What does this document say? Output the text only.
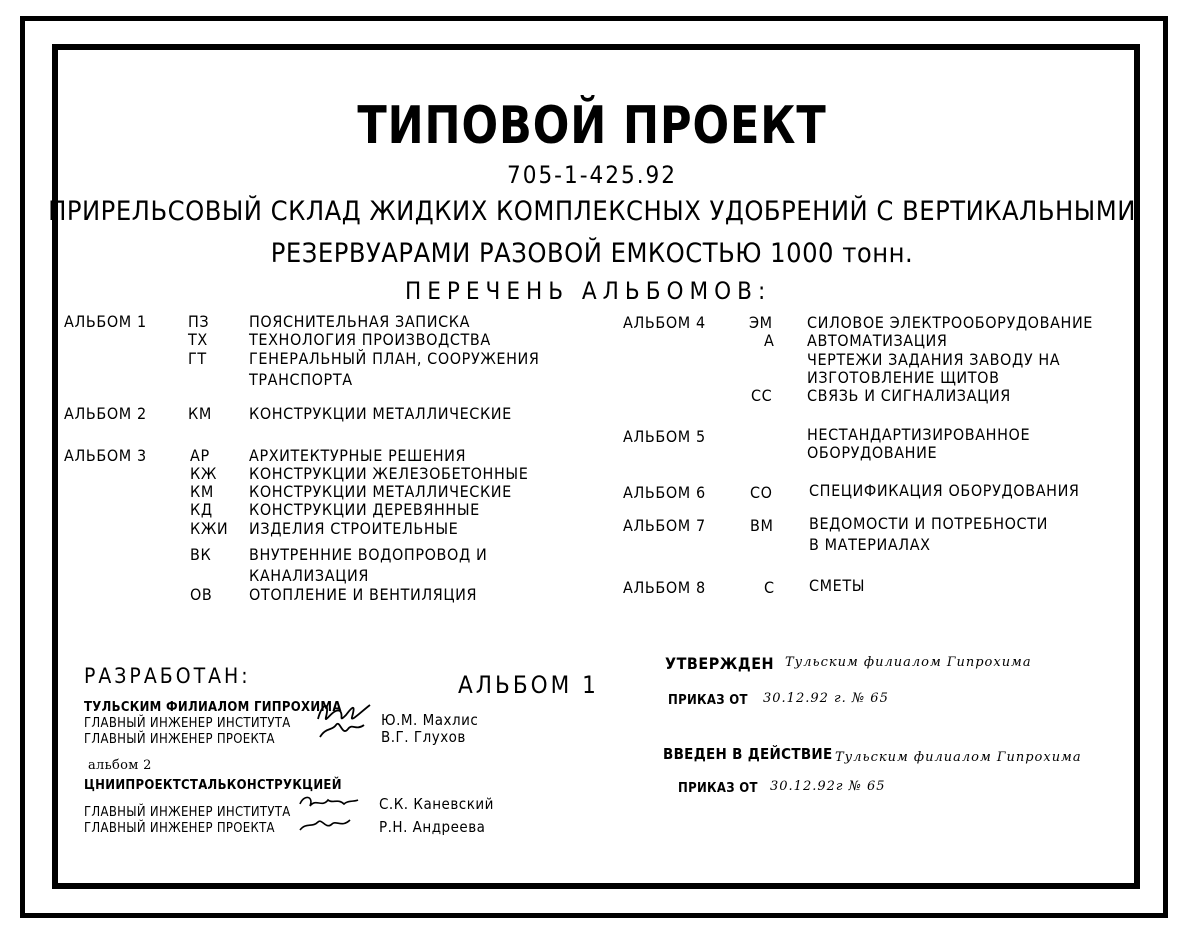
ТИПОВОЙ ПРОЕКТ
705-1-425.92
ПРИРЕЛЬСОВЫЙ СКЛАД ЖИДКИХ КОМПЛЕКСНЫХ УДОБРЕНИЙ С ВЕРТИКАЛЬНЫМИ
РЕЗЕРВУАРАМИ РАЗОВОЙ ЕМКОСТЬЮ 1000 тонн.
ПЕРЕЧЕНЬ АЛЬБОМОВ:
АЛЬБОМ 1	ПЗ ПОЯСНИТЕЛЬНАЯ ЗАПИСКА
ТХ	ТЕХНОЛОГИЯ ПРОИЗВОДСТВА
ГТ	ГЕНЕРАЛЬНЫЙ ПЛАН, СООРУЖЕНИЯ
ТРАНСПОРТА
АЛЬБОМ 2	КМ КОНСТРУКЦИИ МЕТАЛЛИЧЕСКИЕ
АЛЬБОМ 3	АР АРХИТЕКТУРНЫЕ РЕШЕНИЯ
КЖ КОНСТРУКЦИИ ЖЕЛЕЗОБЕТОННЫЕ
КМ КОНСТРУКЦИИ МЕТАЛЛИЧЕСКИЕ
КД КОНСТРУКЦИИ ДЕРЕВЯННЫЕ
КЖИ ИЗДЕЛИЯ СТРОИТЕЛЬНЫЕ
ВК ВНУТРЕННИЕ ВОДОПРОВОД И
КАНАЛИЗАЦИЯ
ОВ ОТОПЛЕНИЕ И ВЕНТИЛЯЦИЯ
АЛЬБОМ 4	ЭМ СИЛОВОЕ ЭЛЕКТРООБОРУДОВАНИЕ
А АВТОМАТИЗАЦИЯ
ЧЕРТЕЖИ ЗАДАНИЯ ЗАВОДУ НА
ИЗГОТОВЛЕНИЕ ЩИТОВ
СС СВЯЗЬ И СИГНАЛИЗАЦИЯ
АЛЬБОМ 5	НЕСТАНДАРТИЗИРОВАННОЕ
ОБОРУДОВАНИЕ
АЛЬБОМ 6	СО СПЕЦИФИКАЦИЯ ОБОРУДОВАНИЯ
АЛЬБОМ 7	ВМ ВЕДОМОСТИ И ПОТРЕБНОСТИ
В МАТЕРИАЛАХ
АЛЬБОМ 8	С СМЕТЫ
РАЗРАБОТАН:
ТУЛЬСКИМ ФИЛИАЛОМ ГИПРОХИМА
ГЛАВНЫЙ ИНЖЕНЕР ИНСТИТУТА
ГЛАВНЫЙ ИНЖЕНЕР ПРОЕКТА
Ю.М. Махлис
В.Г. Глухов
альбом 2
ЦНИИПРОЕКТСТАЛЬКОНСТРУКЦИЕЙ
ГЛАВНЫЙ ИНЖЕНЕР ИНСТИТУТА
ГЛАВНЫЙ ИНЖЕНЕР ПРОЕКТА
С.К. Каневский
Р.Н. Андреева
АЛЬБОМ 1
УТВЕРЖДЕН Тульским филиалом Гипрохима
ПРИКАЗ ОТ 30.12.92 г. № 65
ВВЕДЕН В ДЕЙСТВИЕ Тульским филиалом Гипрохима
ПРИКАЗ ОТ 30.12.92г № 65
